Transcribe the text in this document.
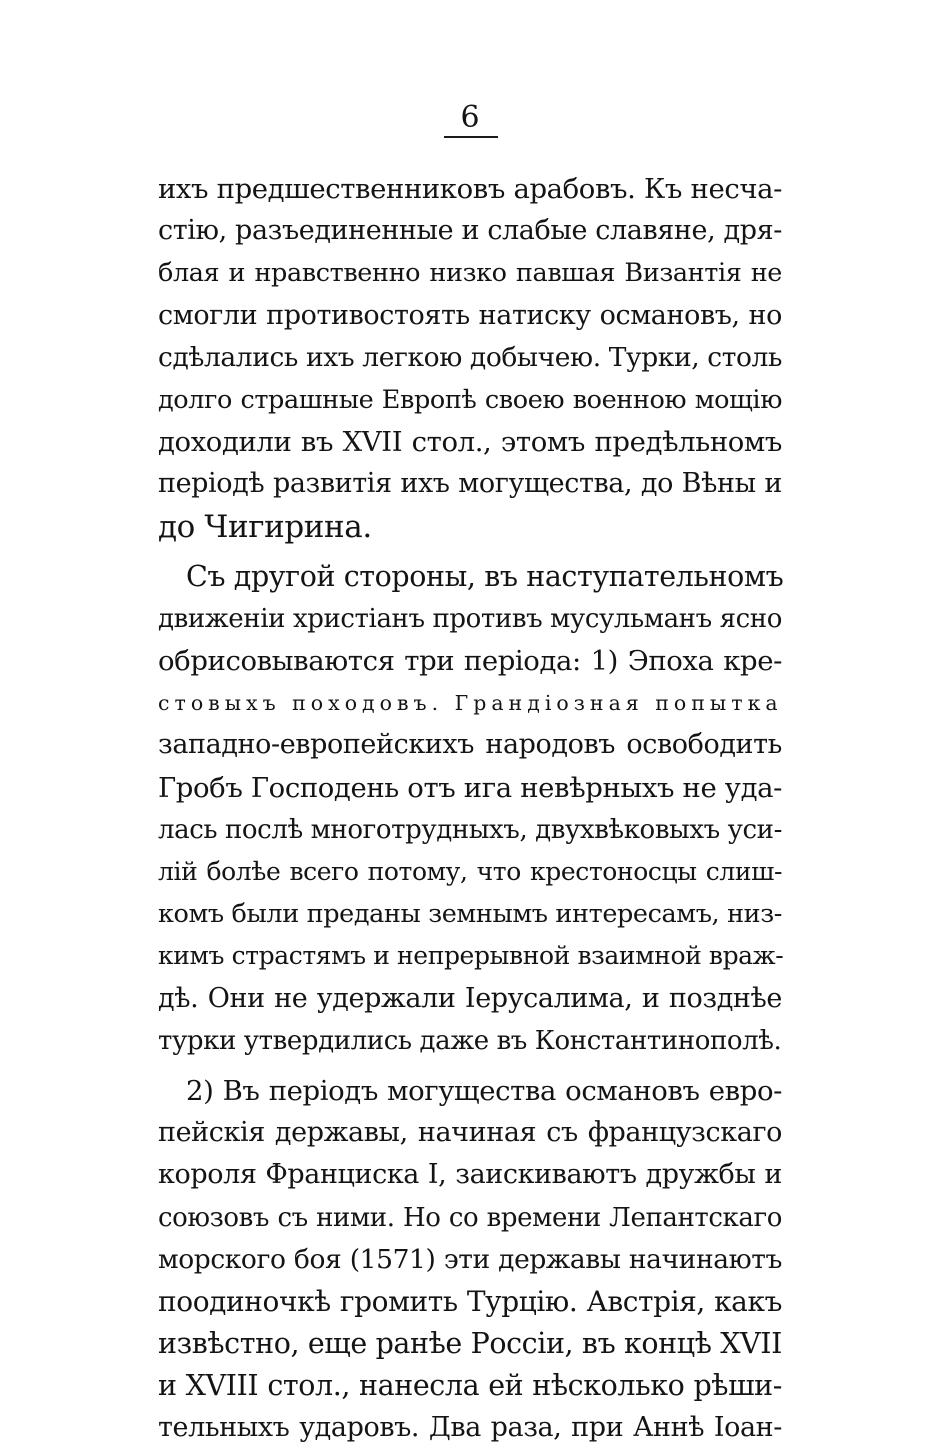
6
ихъ предшественниковъ арабовъ. Къ несча-
стію, разъединенные и слабые славяне, дря-
блая и нравственно низко павшая Византія не
смогли противостоять натиску османовъ, но
сдѣлались ихъ легкою добычею. Турки, столь
долго страшные Европѣ своею военною мощію
доходили въ XVII стол., этомъ предѣльномъ
періодѣ развитія ихъ могущества, до Вѣны и
до Чигирина.
Съ другой стороны, въ наступательномъ
движеніи христіанъ противъ мусульманъ ясно
обрисовываются три періода: 1) Эпоха кре-
стовыхъ походовъ. Грандіозная попытка
западно-европейскихъ народовъ освободить
Гробъ Господень отъ ига невѣрныхъ не уда-
лась послѣ многотрудныхъ, двухвѣковыхъ уси-
лій болѣе всего потому, что крестоносцы слиш-
комъ были преданы земнымъ интересамъ, низ-
кимъ страстямъ и непрерывной взаимной враж-
дѣ. Они не удержали Іерусалима, и позднѣе
турки утвердились даже въ Константинополѣ.
2) Въ періодъ могущества османовъ евро-
пейскія державы, начиная съ французскаго
короля Франциска I, заискиваютъ дружбы и
союзовъ съ ними. Но со времени Лепантскаго
морского боя (1571) эти державы начинаютъ
поодиночкѣ громить Турцію. Австрія, какъ
извѣстно, еще ранѣе Россіи, въ концѣ XVII
и XVIII стол., нанесла ей нѣсколько рѣши-
тельныхъ ударовъ. Два раза, при Аннѣ Іоан-
